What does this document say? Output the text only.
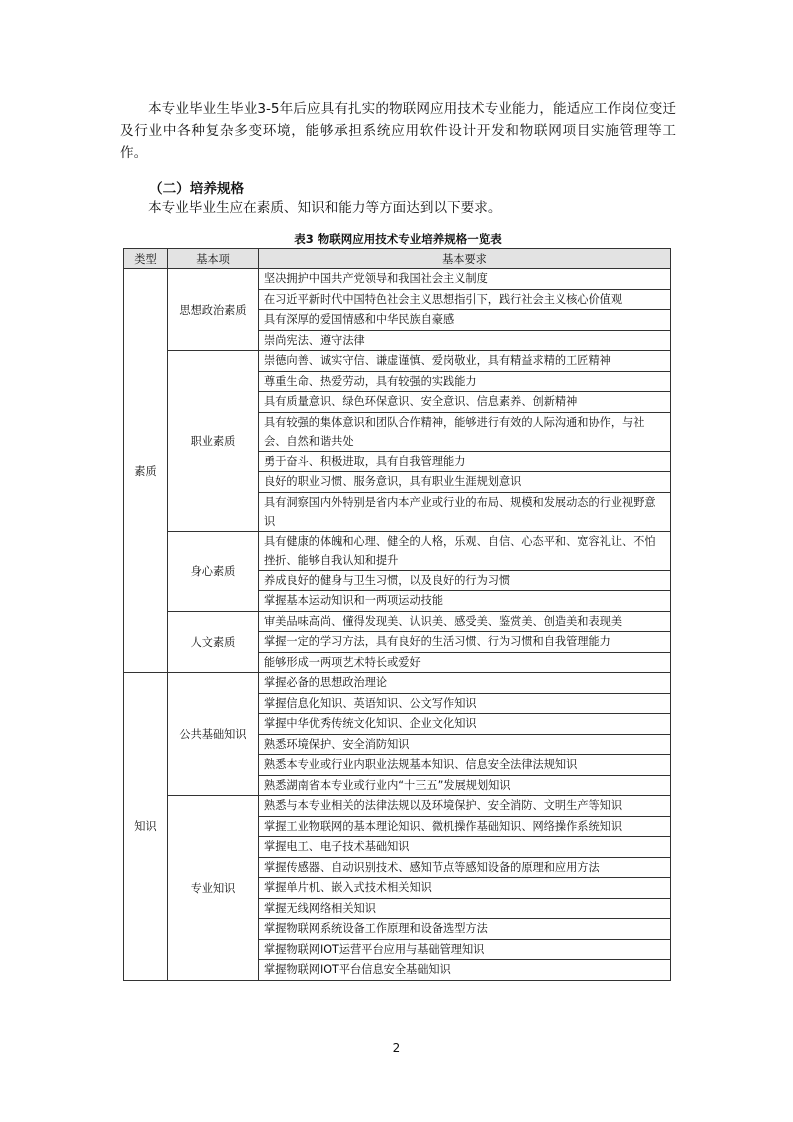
本专业毕业生毕业3-5年后应具有扎实的物联网应用技术专业能力，能适应工作岗位变迁及行业中各种复杂多变环境，能够承担系统应用软件设计开发和物联网项目实施管理等工作。

（二）培养规格

本专业毕业生应在素质、知识和能力等方面达到以下要求。

表3 物联网应用技术专业培养规格一览表

类型	基本项	基本要求
素质	思想政治素质	坚决拥护中国共产党领导和我国社会主义制度
		在习近平新时代中国特色社会主义思想指引下，践行社会主义核心价值观
		具有深厚的爱国情感和中华民族自豪感
		崇尚宪法、遵守法律
	职业素质	崇德向善、诚实守信、谦虚谨慎、爱岗敬业，具有精益求精的工匠精神
		尊重生命、热爱劳动，具有较强的实践能力
		具有质量意识、绿色环保意识、安全意识、信息素养、创新精神
		具有较强的集体意识和团队合作精神，能够进行有效的人际沟通和协作，与社会、自然和谐共处
		勇于奋斗、积极进取，具有自我管理能力
		良好的职业习惯、服务意识，具有职业生涯规划意识
		具有洞察国内外特别是省内本产业或行业的布局、规模和发展动态的行业视野意识
	身心素质	具有健康的体魄和心理、健全的人格，乐观、自信、心态平和、宽容礼让、不怕挫折、能够自我认知和提升
		养成良好的健身与卫生习惯，以及良好的行为习惯
		掌握基本运动知识和一两项运动技能
	人文素质	审美品味高尚、懂得发现美、认识美、感受美、鉴赏美、创造美和表现美
		掌握一定的学习方法，具有良好的生活习惯、行为习惯和自我管理能力
		能够形成一两项艺术特长或爱好
知识	公共基础知识	掌握必备的思想政治理论
		掌握信息化知识、英语知识、公文写作知识
		掌握中华优秀传统文化知识、企业文化知识
		熟悉环境保护、安全消防知识
		熟悉本专业或行业内职业法规基本知识、信息安全法律法规知识
		熟悉湖南省本专业或行业内“十三五”发展规划知识
	专业知识	熟悉与本专业相关的法律法规以及环境保护、安全消防、文明生产等知识
		掌握工业物联网的基本理论知识、微机操作基础知识、网络操作系统知识
		掌握电工、电子技术基础知识
		掌握传感器、自动识别技术、感知节点等感知设备的原理和应用方法
		掌握单片机、嵌入式技术相关知识
		掌握无线网络相关知识
		掌握物联网系统设备工作原理和设备选型方法
		掌握物联网IOT运营平台应用与基础管理知识
		掌握物联网IOT平台信息安全基础知识

2
